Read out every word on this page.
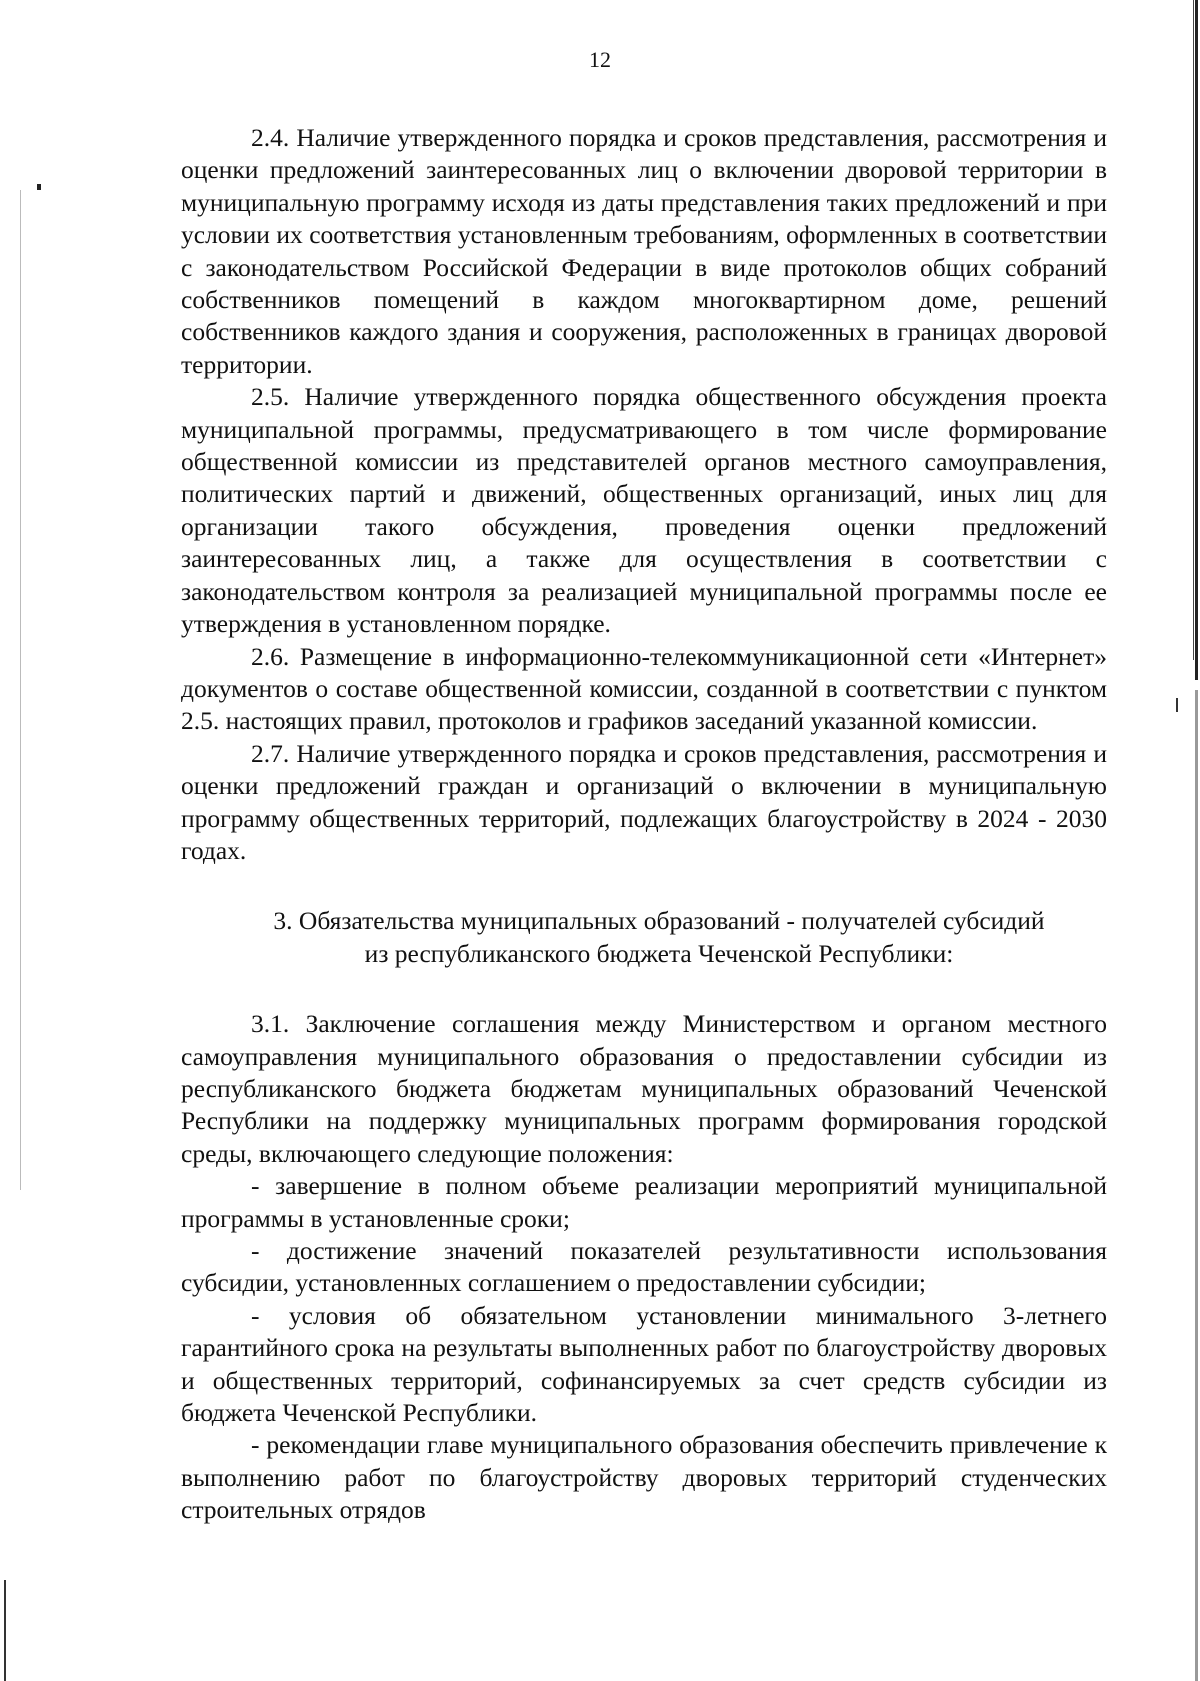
12

2.4. Наличие утвержденного порядка и сроков представления, рассмотрения и оценки предложений заинтересованных лиц о включении дворовой территории в муниципальную программу исходя из даты представления таких предложений и при условии их соответствия установленным требованиям, оформленных в соответствии с законодательством Российской Федерации в виде протоколов общих собраний собственников помещений в каждом многоквартирном доме, решений собственников каждого здания и сооружения, расположенных в границах дворовой территории.

2.5. Наличие утвержденного порядка общественного обсуждения проекта муниципальной программы, предусматривающего в том числе формирование общественной комиссии из представителей органов местного самоуправления, политических партий и движений, общественных организаций, иных лиц для организации такого обсуждения, проведения оценки предложений заинтересованных лиц, а также для осуществления в соответствии с законодательством контроля за реализацией муниципальной программы после ее утверждения в установленном порядке.

2.6. Размещение в информационно-телекоммуникационной сети «Интернет» документов о составе общественной комиссии, созданной в соответствии с пунктом 2.5. настоящих правил, протоколов и графиков заседаний указанной комиссии.

2.7. Наличие утвержденного порядка и сроков представления, рассмотрения и оценки предложений граждан и организаций о включении в муниципальную программу общественных территорий, подлежащих благоустройству в 2024 - 2030 годах.

3. Обязательства муниципальных образований - получателей субсидий
из республиканского бюджета Чеченской Республики:

3.1. Заключение соглашения между Министерством и органом местного самоуправления муниципального образования о предоставлении субсидии из республиканского бюджета бюджетам муниципальных образований Чеченской Республики на поддержку муниципальных программ формирования городской среды, включающего следующие положения:

- завершение в полном объеме реализации мероприятий муниципальной программы в установленные сроки;

- достижение значений показателей результативности использования субсидии, установленных соглашением о предоставлении субсидии;

- условия об обязательном установлении минимального 3-летнего гарантийного срока на результаты выполненных работ по благоустройству дворовых и общественных территорий, софинансируемых за счет средств субсидии из бюджета Чеченской Республики.

- рекомендации главе муниципального образования обеспечить привлечение к выполнению работ по благоустройству дворовых территорий студенческих строительных отрядов
